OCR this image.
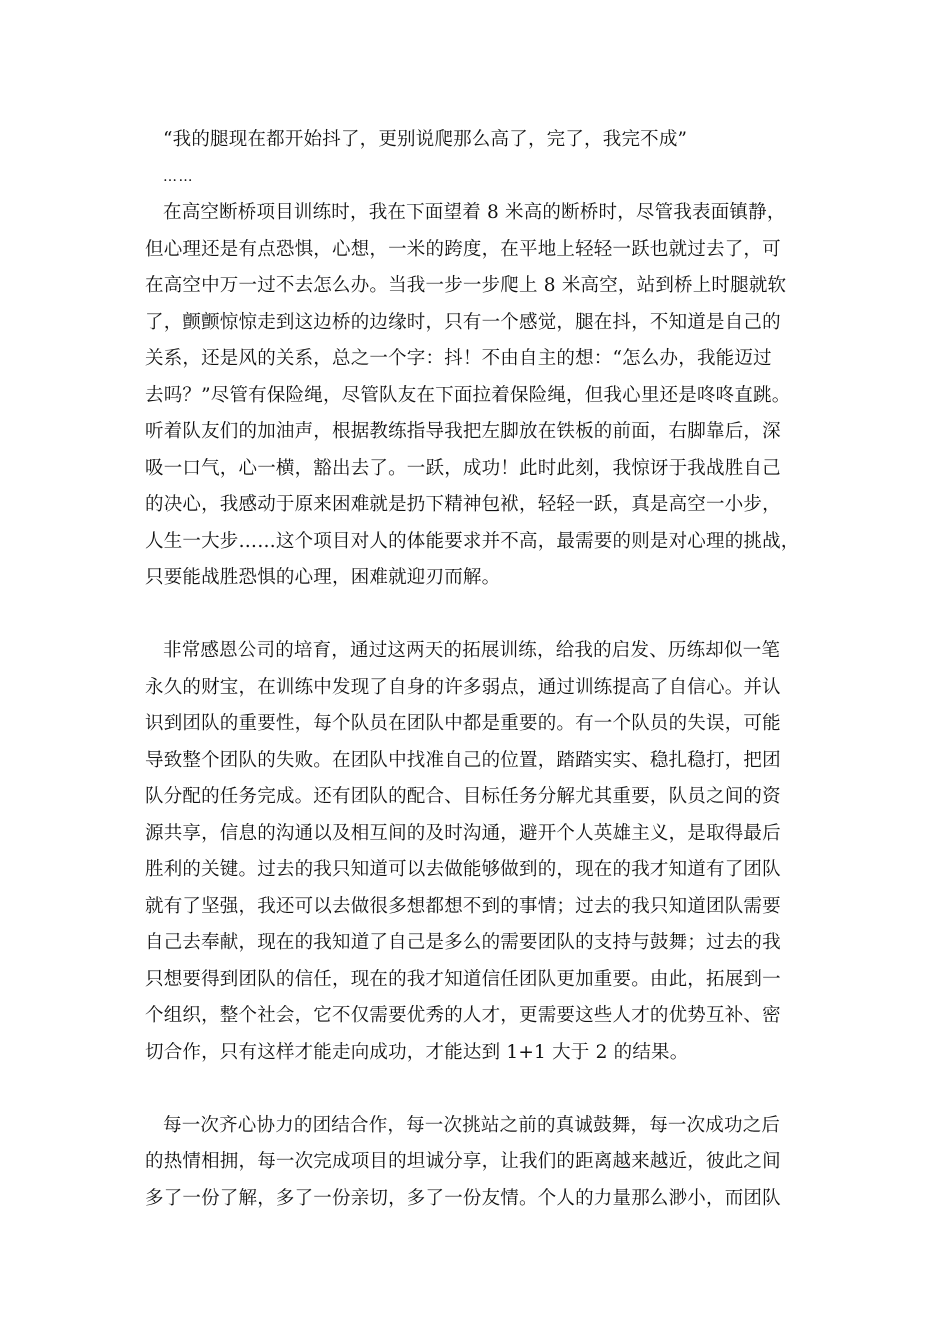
“我的腿现在都开始抖了，更别说爬那么高了，完了，我完不成”
……
在高空断桥项目训练时，我在下面望着 8 米高的断桥时，尽管我表面镇静，
但心理还是有点恐惧，心想，一米的跨度，在平地上轻轻一跃也就过去了，可
在高空中万一过不去怎么办。当我一步一步爬上 8 米高空，站到桥上时腿就软
了，颤颤惊惊走到这边桥的边缘时，只有一个感觉，腿在抖，不知道是自己的
关系，还是风的关系，总之一个字：抖！不由自主的想：“怎么办，我能迈过
去吗？”尽管有保险绳，尽管队友在下面拉着保险绳，但我心里还是咚咚直跳。
听着队友们的加油声，根据教练指导我把左脚放在铁板的前面，右脚靠后，深
吸一口气，心一横，豁出去了。一跃，成功！此时此刻，我惊讶于我战胜自己
的决心，我感动于原来困难就是扔下精神包袱，轻轻一跃，真是高空一小步，
人生一大步……这个项目对人的体能要求并不高，最需要的则是对心理的挑战，
只要能战胜恐惧的心理，困难就迎刃而解。
非常感恩公司的培育，通过这两天的拓展训练，给我的启发、历练却似一笔
永久的财宝，在训练中发现了自身的许多弱点，通过训练提高了自信心。并认
识到团队的重要性，每个队员在团队中都是重要的。有一个队员的失误，可能
导致整个团队的失败。在团队中找准自己的位置，踏踏实实、稳扎稳打，把团
队分配的任务完成。还有团队的配合、目标任务分解尤其重要，队员之间的资
源共享，信息的沟通以及相互间的及时沟通，避开个人英雄主义，是取得最后
胜利的关键。过去的我只知道可以去做能够做到的，现在的我才知道有了团队
就有了坚强，我还可以去做很多想都想不到的事情；过去的我只知道团队需要
自己去奉献，现在的我知道了自己是多么的需要团队的支持与鼓舞；过去的我
只想要得到团队的信任，现在的我才知道信任团队更加重要。由此，拓展到一
个组织，整个社会，它不仅需要优秀的人才，更需要这些人才的优势互补、密
切合作，只有这样才能走向成功，才能达到 1+1 大于 2 的结果。
每一次齐心协力的团结合作，每一次挑站之前的真诚鼓舞，每一次成功之后
的热情相拥，每一次完成项目的坦诚分享，让我们的距离越来越近，彼此之间
多了一份了解，多了一份亲切，多了一份友情。个人的力量那么渺小，而团队
